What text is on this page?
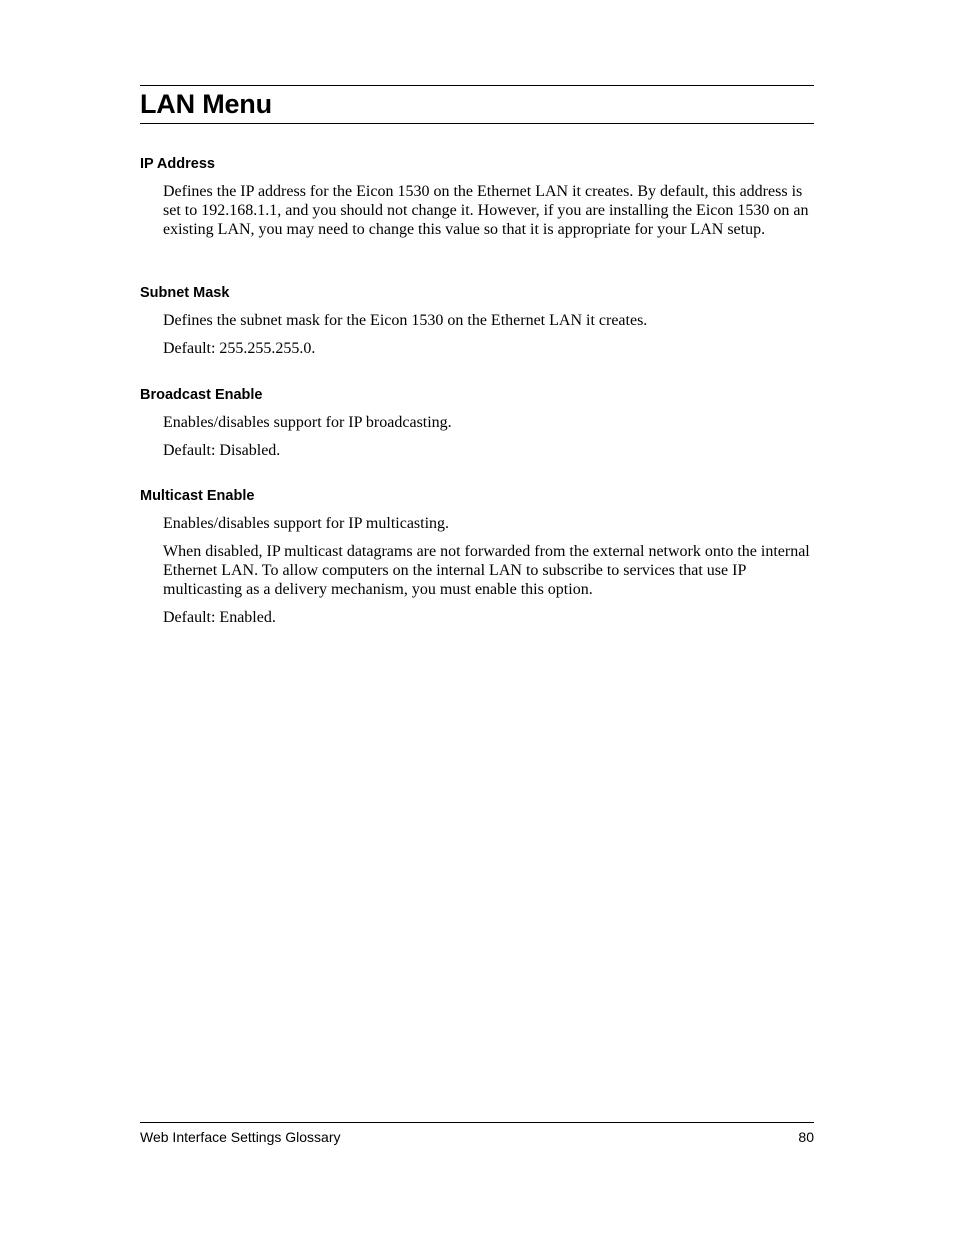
LAN Menu
IP Address

Defines the IP address for the Eicon 1530 on the Ethernet LAN it creates. By default, this address is set to 192.168.1.1, and you should not change it. However, if you are installing the Eicon 1530 on an existing LAN, you may need to change this value so that it is appropriate for your LAN setup.

Subnet Mask

Defines the subnet mask for the Eicon 1530 on the Ethernet LAN it creates.

Default: 255.255.255.0.

Broadcast Enable

Enables/disables support for IP broadcasting.

Default: Disabled.

Multicast Enable

Enables/disables support for IP multicasting.

When disabled, IP multicast datagrams are not forwarded from the external network onto the internal Ethernet LAN. To allow computers on the internal LAN to subscribe to services that use IP multicasting as a delivery mechanism, you must enable this option.

Default: Enabled.

Web Interface Settings Glossary	80
